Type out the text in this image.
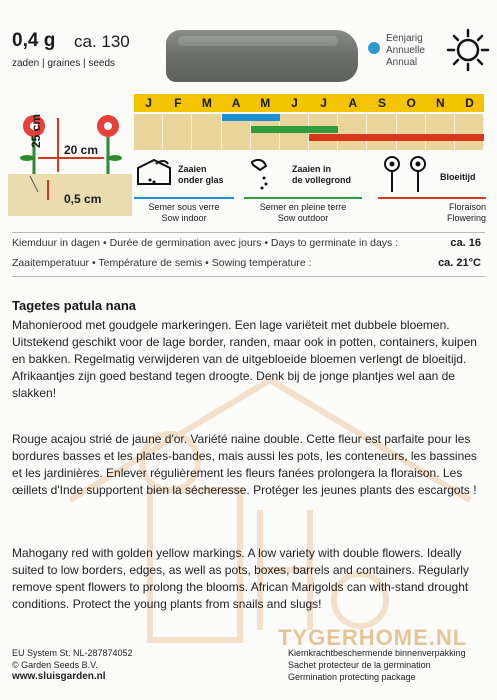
0,4 g ca. 130
zaden | graines | seeds
Eenjarig
Annuelle
Annual
25 cm
20 cm
0,5 cm
J	F	M	A	M	J	J	A	S	O	N	D
Zaaien
onder glas
Semer sous verre
Sow indoor
Zaaien in
de vollegrond
Semer en pleine terre
Sow outdoor
Bloeitijd
Floraison
Flowering
Kiemduur in dagen • Durée de germination avec jours • Days to germinate in days :	ca. 16
Zaaitemperatuur • Température de semis • Sowing temperature :	ca. 21°C
TYGERHOME.NL
Tagetes patula nana
Mahonierood met goudgele markeringen. Een lage variëteit met dubbele bloemen. Uitstekend geschikt voor de lage border, randen, maar ook in potten, containers, kuipen en bakken. Regelmatig verwijderen van de uitgebloeide bloemen verlengt de bloeitijd. Afrikaantjes zijn goed bestand tegen droogte. Denk bij de jonge plantjes wel aan de slakken!
Rouge acajou strié de jaune d'or. Variété naine double. Cette fleur est parfaite pour les bordures basses et les plates-bandes, mais aussi les pots, les conteneurs, les bassines et les jardinières. Enlever régulièrement les fleurs fanées prolongera la floraison. Les œillets d'Inde supportent bien la sécheresse. Protéger les jeunes plants des escargots !
Mahogany red with golden yellow markings. A low variety with double flowers. Ideally suited to low borders, edges, as well as pots, boxes, barrels and containers. Regularly remove spent flowers to prolong the blooms. African Marigolds can with-stand drought conditions. Protect the young plants from snails and slugs!
EU System St. NL-287874052
© Garden Seeds B.V.
www.sluisgarden.nl
Kiemkrachtbeschermende binnenverpakking
Sachet protecteur de la germination
Germination protecting package
